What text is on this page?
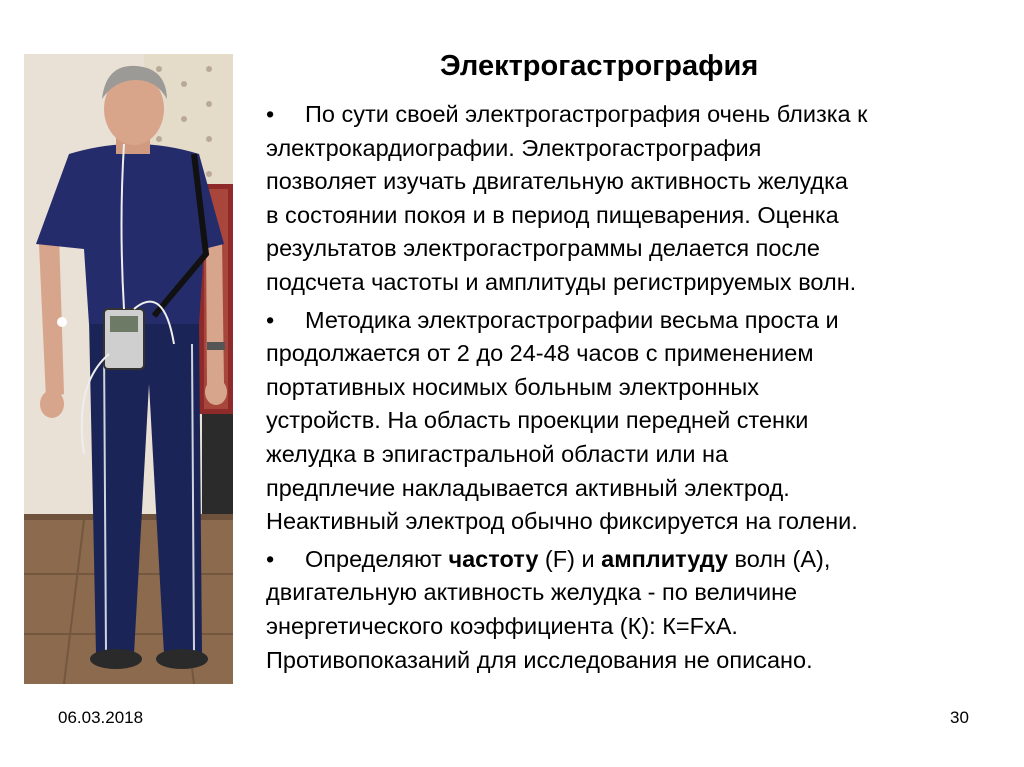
Электрогастрография
•	По сути своей электрогастрография очень близка к
электрокардиографии. Электрогастрография
позволяет изучать двигательную активность желудка
в состоянии покоя и в период пищеварения. Оценка
результатов электрогастрограммы делается после
подсчета частоты и амплитуды регистрируемых волн.
•	Методика электрогастрографии весьма проста и
продолжается от 2 до 24-48 часов с применением
портативных носимых больным электронных
устройств. На область проекции передней стенки
желудка в эпигастральной области или на
предплечие накладывается активный электрод.
Неактивный электрод обычно фиксируется на голени.
•	Определяют частоту (F) и амплитуду волн (А),
двигательную активность желудка - по величине
энергетического коэффициента (К): К=FхА.
Противопоказаний для исследования не описано.
06.03.2018	30
